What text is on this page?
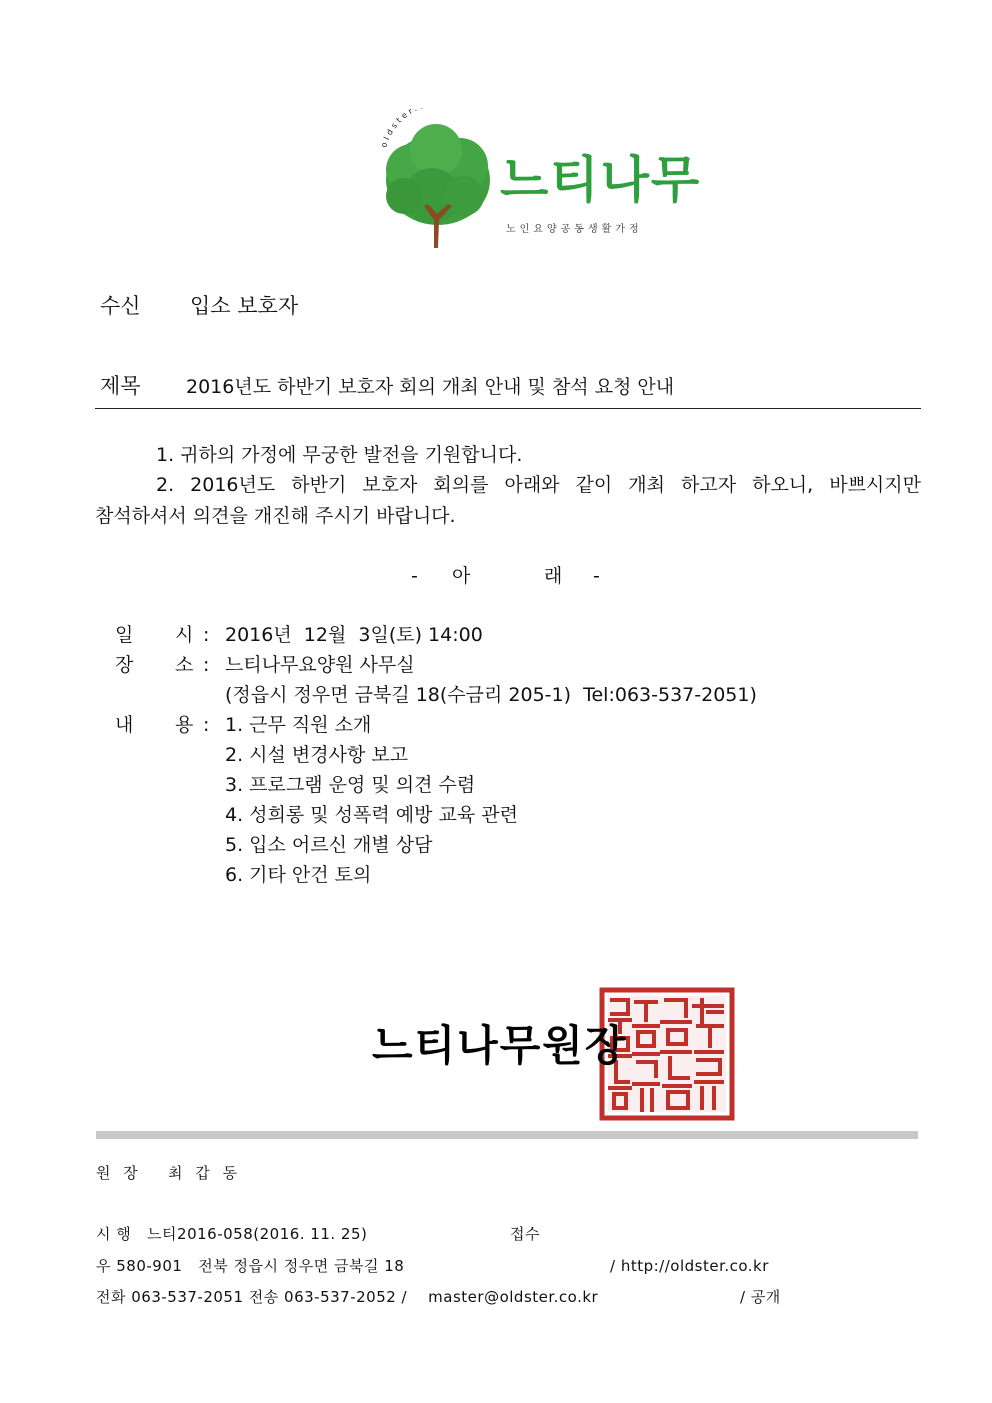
oldster
느티나무
노인요양공동생활가정
수신 입소 보호자
제목 2016년도 하반기 보호자 회의 개최 안내 및 참석 요청 안내
1. 귀하의 가정에 무궁한 발전을 기원합니다.
2. 2016년도 하반기 보호자 회의를 아래와 같이 개최 하고자 하오니, 바쁘시지만
참석하셔서 의견을 개진해 주시기 바랍니다.
- 아	래 -
일 시 : 2016년  12월  3일(토) 14:00
장 소 : 느티나무요양원 사무실
(정읍시 정우면 금북길 18(수금리 205-1)  Tel:063-537-2051)
내 용 : 1. 근무 직원 소개
2. 시설 변경사항 보고
3. 프로그램 운영 및 의견 수렴
4. 성희롱 및 성폭력 예방 교육 관련
5. 입소 어르신 개별 상담
6. 기타 안건 토의
느티나무원장
원 장   최 갑 동
시 행   느티2016-058(2016. 11. 25)	접수
우 580-901   전북 정읍시 정우면 금북길 18	/ http://oldster.co.kr
전화 063-537-2051 전송 063-537-2052 /    master@oldster.co.kr	/ 공개
